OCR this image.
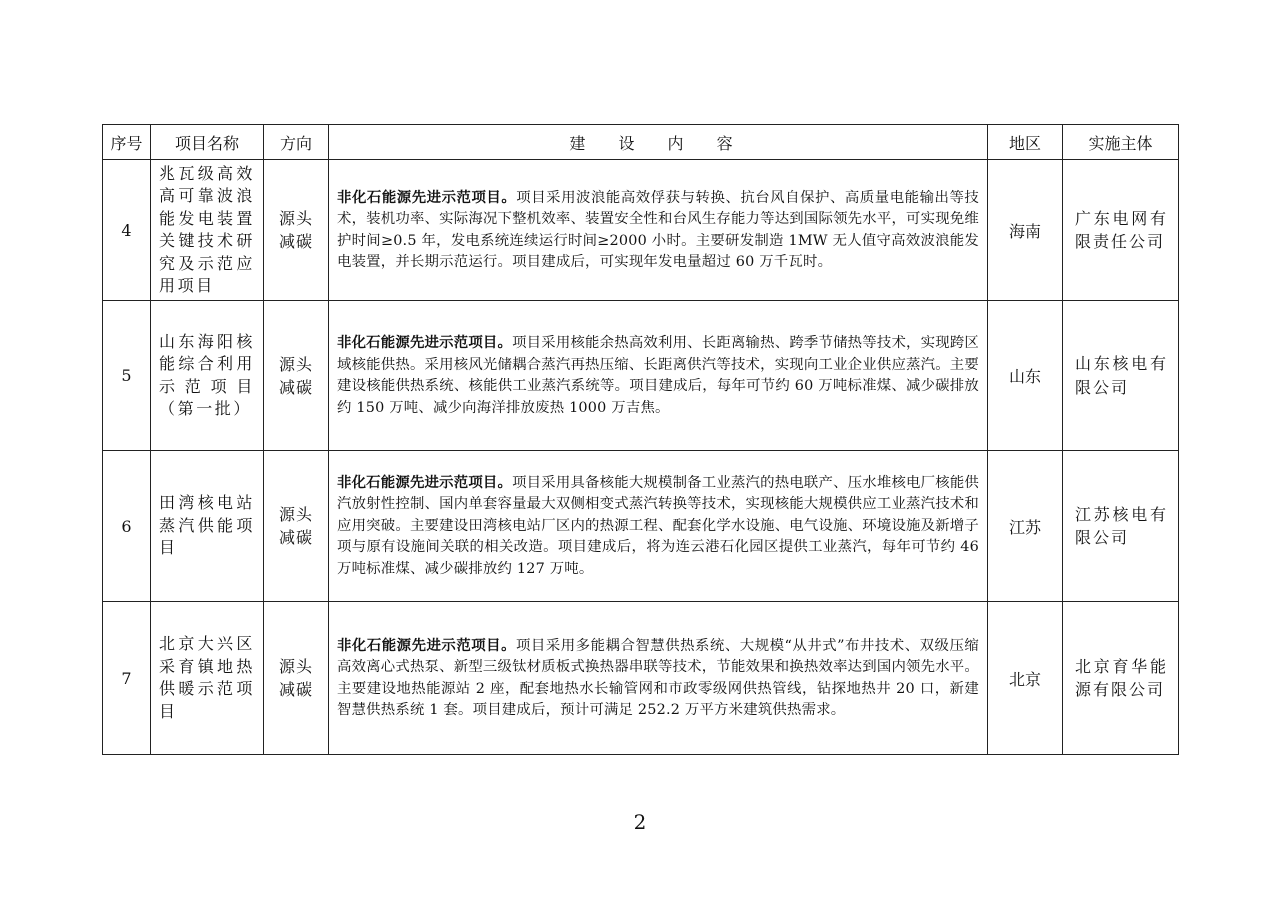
序号	项目名称	方向	建 设 内 容	地区	实施主体
4	兆瓦级高效高可靠波浪能发电装置关键技术研究及示范应用项目	源头减碳	非化石能源先进示范项目。项目采用波浪能高效俘获与转换、抗台风自保护、高质量电能输出等技术，装机功率、实际海况下整机效率、装置安全性和台风生存能力等达到国际领先水平，可实现免维护时间≥0.5 年，发电系统连续运行时间≥2000 小时。主要研发制造 1MW 无人值守高效波浪能发电装置，并长期示范运行。项目建成后，可实现年发电量超过 60 万千瓦时。	海南	广东电网有限责任公司
5	山东海阳核能综合利用示范项目（第一批）	源头减碳	非化石能源先进示范项目。项目采用核能余热高效利用、长距离输热、跨季节储热等技术，实现跨区域核能供热。采用核风光储耦合蒸汽再热压缩、长距离供汽等技术，实现向工业企业供应蒸汽。主要建设核能供热系统、核能供工业蒸汽系统等。项目建成后，每年可节约 60 万吨标准煤、减少碳排放约 150 万吨、减少向海洋排放废热 1000 万吉焦。	山东	山东核电有限公司
6	田湾核电站蒸汽供能项目	源头减碳	非化石能源先进示范项目。项目采用具备核能大规模制备工业蒸汽的热电联产、压水堆核电厂核能供汽放射性控制、国内单套容量最大双侧相变式蒸汽转换等技术，实现核能大规模供应工业蒸汽技术和应用突破。主要建设田湾核电站厂区内的热源工程、配套化学水设施、电气设施、环境设施及新增子项与原有设施间关联的相关改造。项目建成后，将为连云港石化园区提供工业蒸汽，每年可节约 46 万吨标准煤、减少碳排放约 127 万吨。	江苏	江苏核电有限公司
7	北京大兴区采育镇地热供暖示范项目	源头减碳	非化石能源先进示范项目。项目采用多能耦合智慧供热系统、大规模“从井式”布井技术、双级压缩高效离心式热泵、新型三级钛材质板式换热器串联等技术，节能效果和换热效率达到国内领先水平。主要建设地热能源站 2 座，配套地热水长输管网和市政零级网供热管线，钻探地热井 20 口，新建智慧供热系统 1 套。项目建成后，预计可满足 252.2 万平方米建筑供热需求。	北京	北京育华能源有限公司
2
